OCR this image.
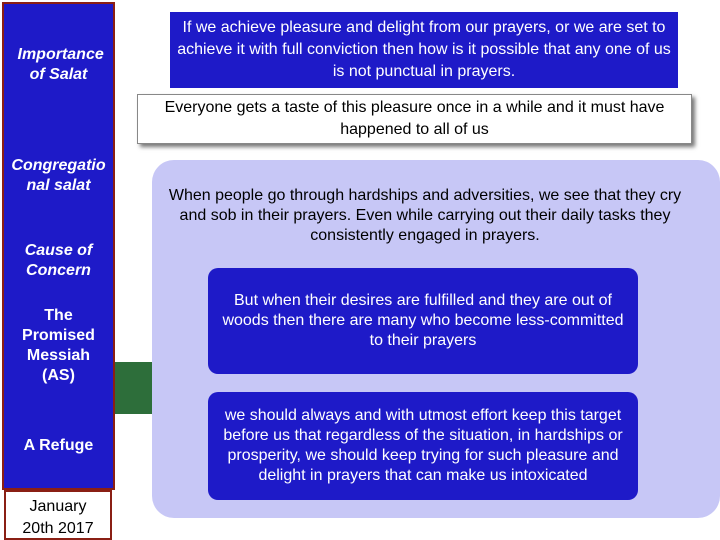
Importance of Salat
Congregational salat
Cause of Concern
The Promised Messiah (AS)
A Refuge
January 20th 2017
If we achieve pleasure and delight from our prayers, or we are set to achieve it with full conviction then how is it possible that any one of us is not punctual in prayers.
Everyone gets a taste of this pleasure once in a while and it must have happened to all of us
When people go through hardships and adversities, we see that they cry and sob in their prayers. Even while carrying out their daily tasks they consistently engaged in prayers.
But when their desires are fulfilled and they are out of woods then there are many who become less-committed to their prayers
we should always and with utmost effort keep this target before us that regardless of the situation, in hardships or prosperity, we should keep trying for such pleasure and delight in prayers that can make us intoxicated
